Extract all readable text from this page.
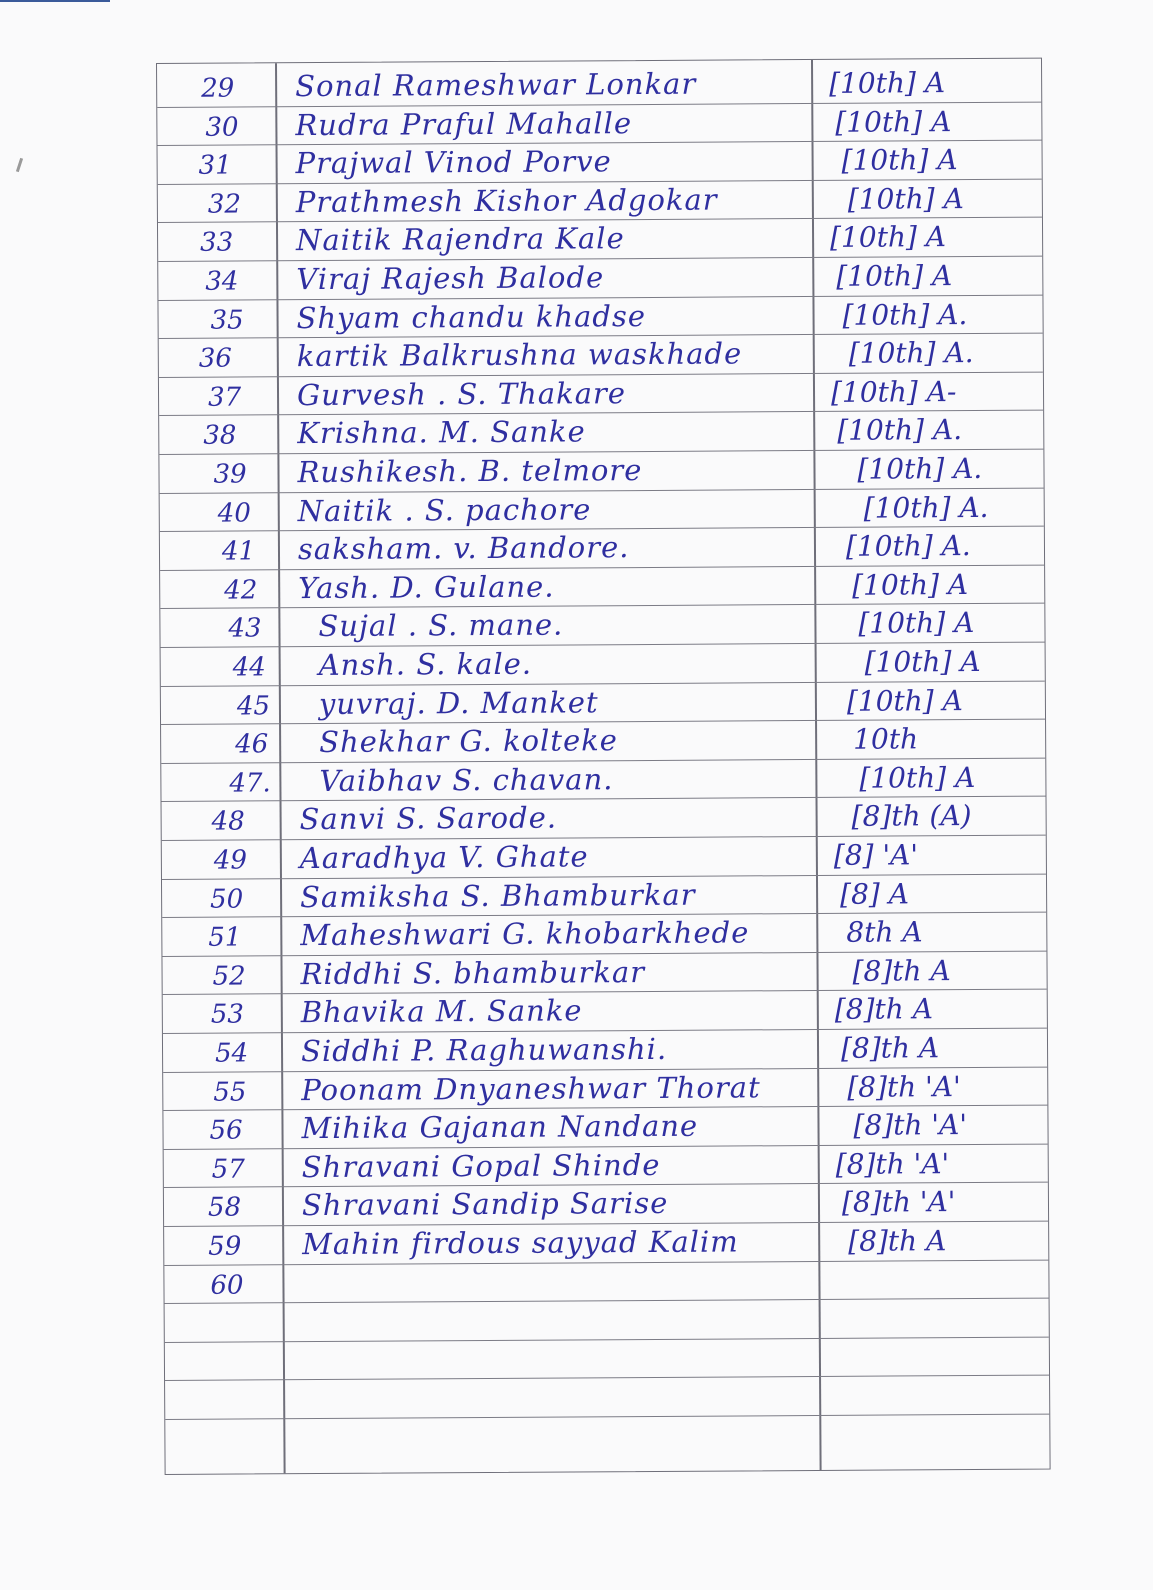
29 Sonal Rameshwar Lonkar	[10th] A
30 Rudra Praful Mahalle	[10th] A
31 Prajwal Vinod Porve	[10th] A
32 Prathmesh Kishor Adgokar	[10th] A
33 Naitik Rajendra Kale	[10th] A
34 Viraj Rajesh Balode	[10th] A
35 Shyam chandu khadse	[10th] A.
36 kartik Balkrushna waskhade	[10th] A.
37 Gurvesh . S. Thakare	[10th] A-
38 Krishna. M. Sanke	[10th] A.
39 Rushikesh. B. telmore	[10th] A.
40 Naitik . S. pachore	[10th] A.
41 saksham. v. Bandore.	[10th] A.
42 Yash. D. Gulane.	[10th] A
43 Sujal . S. mane.	[10th] A
44 Ansh. S. kale.	[10th] A
45 yuvraj. D. Manket	[10th] A
46 Shekhar G. kolteke	10th
47. Vaibhav S. chavan.	[10th] A
48 Sanvi S. Sarode.	[8]th (A)
49 Aaradhya V. Ghate	[8] 'A'
50 Samiksha S. Bhamburkar	[8] A
51 Maheshwari G. khobarkhede	8th A
52 Riddhi S. bhamburkar	[8]th A
53 Bhavika M. Sanke	[8]th A
54 Siddhi P. Raghuwanshi.	[8]th A
55 Poonam Dnyaneshwar Thorat	[8]th 'A'
56 Mihika Gajanan Nandane	[8]th 'A'
57 Shravani Gopal Shinde	[8]th 'A'
58 Shravani Sandip Sarise	[8]th 'A'
59 Mahin firdous sayyad Kalim	[8]th A
60
